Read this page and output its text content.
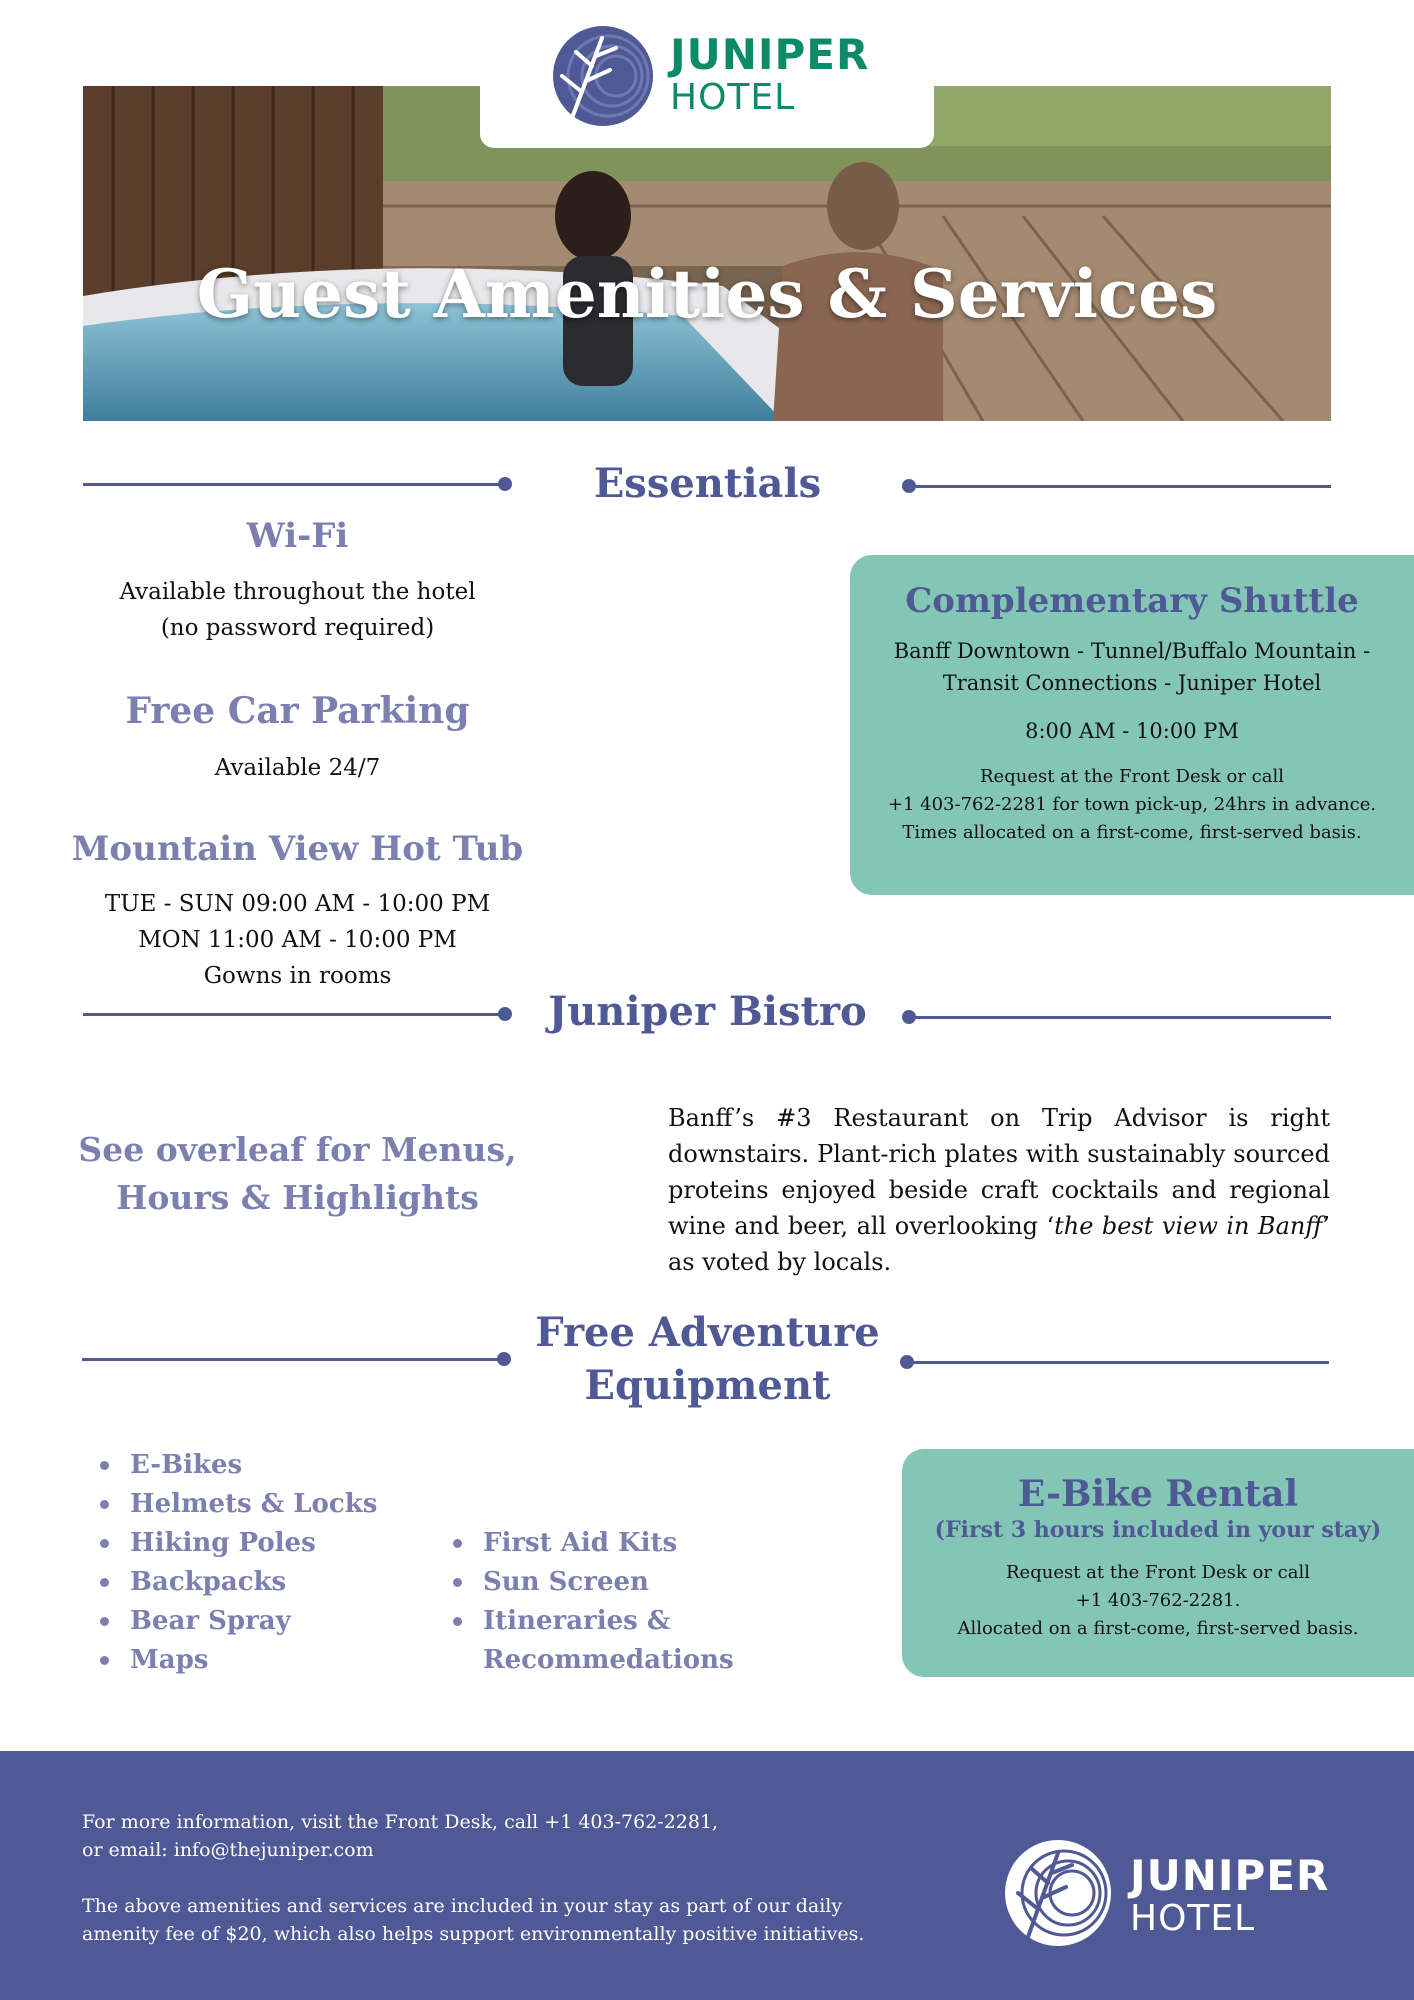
Guest Amenities & Services
JUNIPER
HOTEL
Essentials
Wi-Fi
Available throughout the hotel
(no password required)
Free Car Parking
Available 24/7
Mountain View Hot Tub
TUE - SUN 09:00 AM - 10:00 PM
MON 11:00 AM - 10:00 PM
Gowns in rooms
Complementary Shuttle
Banff Downtown - Tunnel/Buffalo Mountain -
Transit Connections - Juniper Hotel
8:00 AM - 10:00 PM
Request at the Front Desk or call
+1 403-762-2281 for town pick-up, 24hrs in advance.
Times allocated on a first-come, first-served basis.
Juniper Bistro
See overleaf for Menus,
Hours & Highlights
Banff’s #3 Restaurant on Trip Advisor is right downstairs. Plant-rich plates with sustainably sourced proteins enjoyed beside craft cocktails and regional wine and beer, all overlooking ‘the best view in Banff’ as voted by locals.
Free Adventure
Equipment
E-Bikes
Helmets & Locks
Hiking Poles
Backpacks
Bear Spray
Maps
First Aid Kits
Sun Screen
Itineraries &
Recommedations
E-Bike Rental
(First 3 hours included in your stay)
Request at the Front Desk or call
+1 403-762-2281.
Allocated on a first-come, first-served basis.
For more information, visit the Front Desk, call +1 403-762-2281,
or email: info@thejuniper.com
The above amenities and services are included in your stay as part of our daily
amenity fee of $20, which also helps support environmentally positive initiatives.
JUNIPER
HOTEL
